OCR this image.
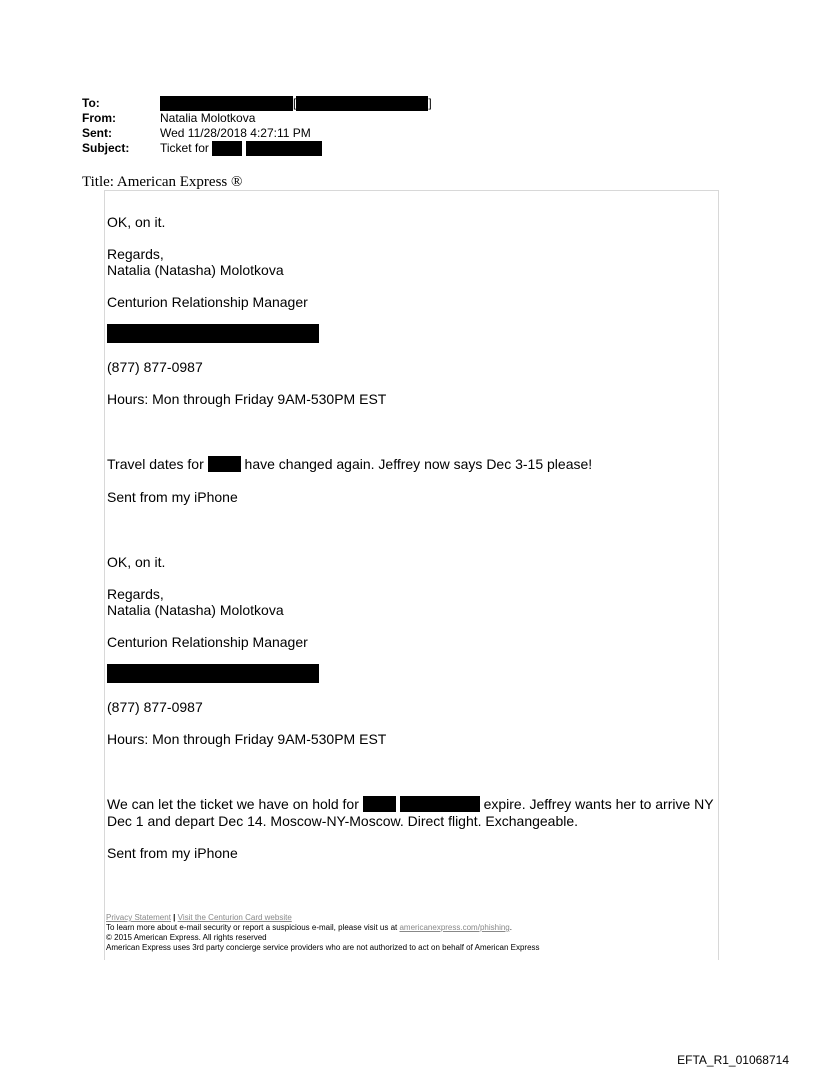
To:	[	]
From:	Natalia Molotkova
Sent:	Wed 11/28/2018 4:27:11 PM
Subject:	Ticket for
Title: American Express ®
OK, on it.
Regards,
Natalia (Natasha) Molotkova
Centurion Relationship Manager
(877) 877-0987
Hours: Mon through Friday 9AM-530PM EST
Travel dates for	have changed again. Jeffrey now says Dec 3-15 please!
Sent from my iPhone
OK, on it.
Regards,
Natalia (Natasha) Molotkova
Centurion Relationship Manager
(877) 877-0987
Hours: Mon through Friday 9AM-530PM EST
We can let the ticket we have on hold for	expire. Jeffrey wants her to arrive NY
Dec 1 and depart Dec 14. Moscow-NY-Moscow. Direct flight. Exchangeable.
Sent from my iPhone
Privacy Statement | Visit the Centurion Card website
To learn more about e-mail security or report a suspicious e-mail, please visit us at americanexpress.com/phishing.
© 2015 American Express. All rights reserved
American Express uses 3rd party concierge service providers who are not authorized to act on behalf of American Express
EFTA_R1_01068714
